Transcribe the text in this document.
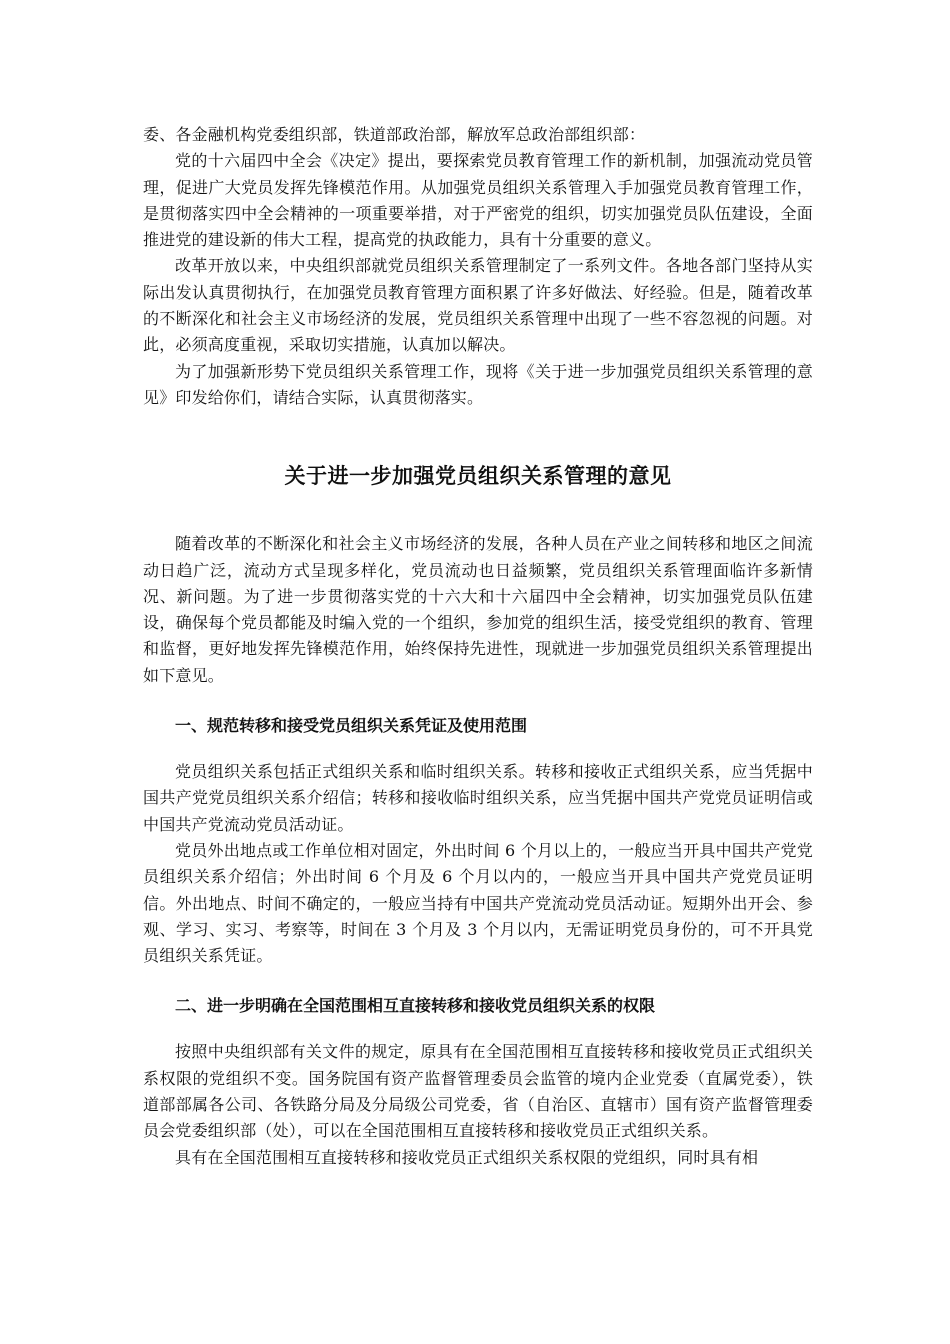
委、各金融机构党委组织部，铁道部政治部，解放军总政治部组织部：

党的十六届四中全会《决定》提出，要探索党员教育管理工作的新机制，加强流动党员管理，促进广大党员发挥先锋模范作用。从加强党员组织关系管理入手加强党员教育管理工作，是贯彻落实四中全会精神的一项重要举措，对于严密党的组织，切实加强党员队伍建设，全面推进党的建设新的伟大工程，提高党的执政能力，具有十分重要的意义。

改革开放以来，中央组织部就党员组织关系管理制定了一系列文件。各地各部门坚持从实际出发认真贯彻执行，在加强党员教育管理方面积累了许多好做法、好经验。但是，随着改革的不断深化和社会主义市场经济的发展，党员组织关系管理中出现了一些不容忽视的问题。对此，必须高度重视，采取切实措施，认真加以解决。

为了加强新形势下党员组织关系管理工作，现将《关于进一步加强党员组织关系管理的意见》印发给你们，请结合实际，认真贯彻落实。

关于进一步加强党员组织关系管理的意见

随着改革的不断深化和社会主义市场经济的发展，各种人员在产业之间转移和地区之间流动日趋广泛，流动方式呈现多样化，党员流动也日益频繁，党员组织关系管理面临许多新情况、新问题。为了进一步贯彻落实党的十六大和十六届四中全会精神，切实加强党员队伍建设，确保每个党员都能及时编入党的一个组织，参加党的组织生活，接受党组织的教育、管理和监督，更好地发挥先锋模范作用，始终保持先进性，现就进一步加强党员组织关系管理提出如下意见。

一、规范转移和接受党员组织关系凭证及使用范围

党员组织关系包括正式组织关系和临时组织关系。转移和接收正式组织关系，应当凭据中国共产党党员组织关系介绍信；转移和接收临时组织关系，应当凭据中国共产党党员证明信或中国共产党流动党员活动证。

党员外出地点或工作单位相对固定，外出时间 6 个月以上的，一般应当开具中国共产党党员组织关系介绍信；外出时间 6 个月及 6 个月以内的，一般应当开具中国共产党党员证明信。外出地点、时间不确定的，一般应当持有中国共产党流动党员活动证。短期外出开会、参观、学习、实习、考察等，时间在 3 个月及 3 个月以内，无需证明党员身份的，可不开具党员组织关系凭证。

二、进一步明确在全国范围相互直接转移和接收党员组织关系的权限

按照中央组织部有关文件的规定，原具有在全国范围相互直接转移和接收党员正式组织关系权限的党组织不变。国务院国有资产监督管理委员会监管的境内企业党委（直属党委），铁道部部属各公司、各铁路分局及分局级公司党委，省（自治区、直辖市）国有资产监督管理委员会党委组织部（处），可以在全国范围相互直接转移和接收党员正式组织关系。

具有在全国范围相互直接转移和接收党员正式组织关系权限的党组织，同时具有相
